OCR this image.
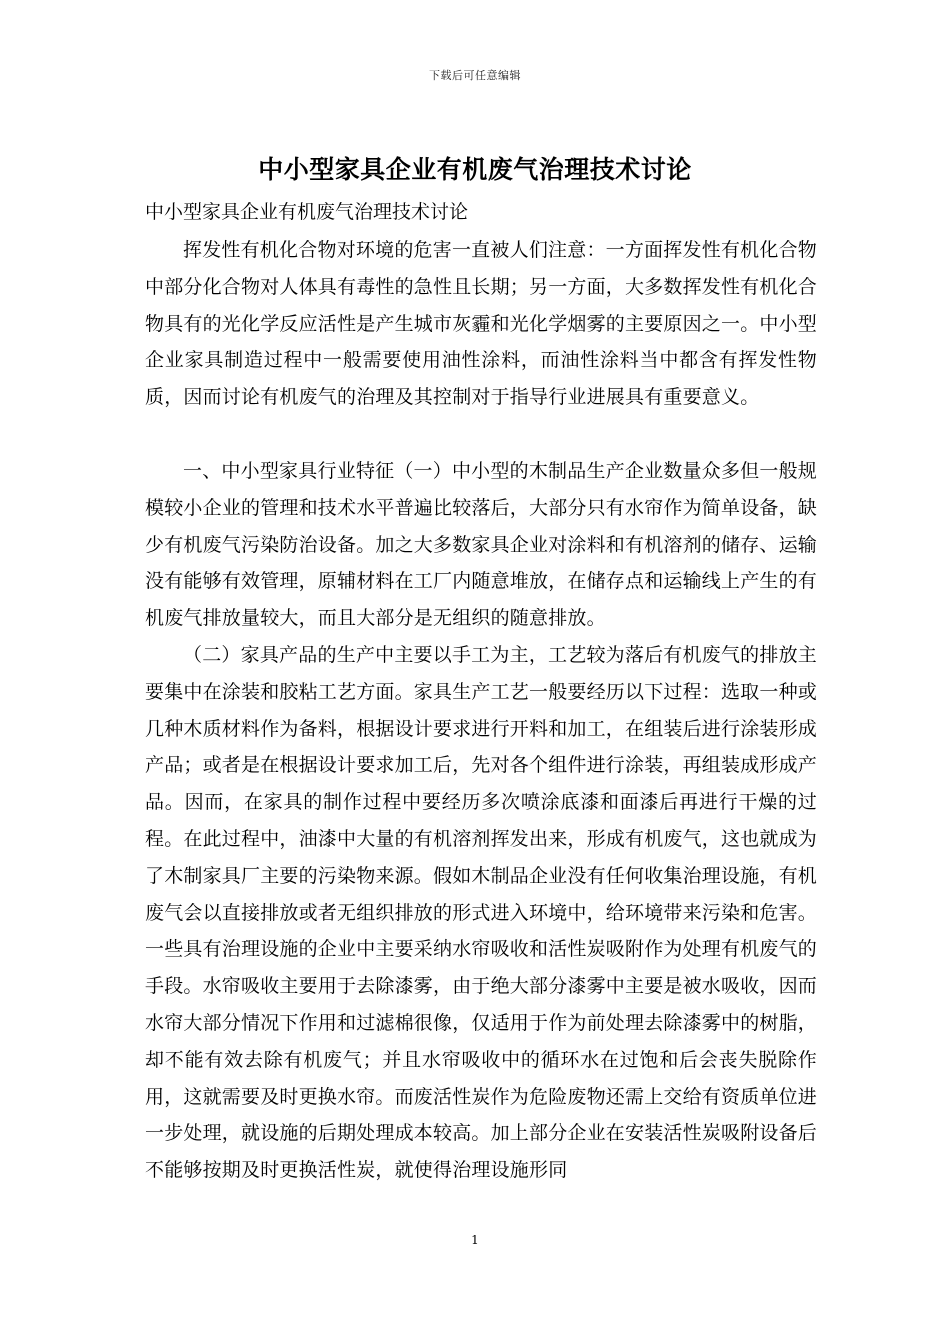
下载后可任意编辑
中小型家具企业有机废气治理技术讨论
中小型家具企业有机废气治理技术讨论

挥发性有机化合物对环境的危害一直被人们注意：一方面挥发性有机化合物中部分化合物对人体具有毒性的急性且长期；另一方面，大多数挥发性有机化合物具有的光化学反应活性是产生城市灰霾和光化学烟雾的主要原因之一。中小型企业家具制造过程中一般需要使用油性涂料，而油性涂料当中都含有挥发性物质，因而讨论有机废气的治理及其控制对于指导行业进展具有重要意义。

一、中小型家具行业特征（一）中小型的木制品生产企业数量众多但一般规模较小企业的管理和技术水平普遍比较落后，大部分只有水帘作为简单设备，缺少有机废气污染防治设备。加之大多数家具企业对涂料和有机溶剂的储存、运输没有能够有效管理，原辅材料在工厂内随意堆放，在储存点和运输线上产生的有机废气排放量较大，而且大部分是无组织的随意排放。

（二）家具产品的生产中主要以手工为主，工艺较为落后有机废气的排放主要集中在涂装和胶粘工艺方面。家具生产工艺一般要经历以下过程：选取一种或几种木质材料作为备料，根据设计要求进行开料和加工，在组装后进行涂装形成产品；或者是在根据设计要求加工后，先对各个组件进行涂装，再组装成形成产品。因而，在家具的制作过程中要经历多次喷涂底漆和面漆后再进行干燥的过程。在此过程中，油漆中大量的有机溶剂挥发出来，形成有机废气，这也就成为了木制家具厂主要的污染物来源。假如木制品企业没有任何收集治理设施，有机废气会以直接排放或者无组织排放的形式进入环境中，给环境带来污染和危害。一些具有治理设施的企业中主要采纳水帘吸收和活性炭吸附作为处理有机废气的手段。水帘吸收主要用于去除漆雾，由于绝大部分漆雾中主要是被水吸收，因而水帘大部分情况下作用和过滤棉很像，仅适用于作为前处理去除漆雾中的树脂，却不能有效去除有机废气；并且水帘吸收中的循环水在过饱和后会丧失脱除作用，这就需要及时更换水帘。而废活性炭作为危险废物还需上交给有资质单位进一步处理，就设施的后期处理成本较高。加上部分企业在安装活性炭吸附设备后不能够按期及时更换活性炭，就使得治理设施形同

1
